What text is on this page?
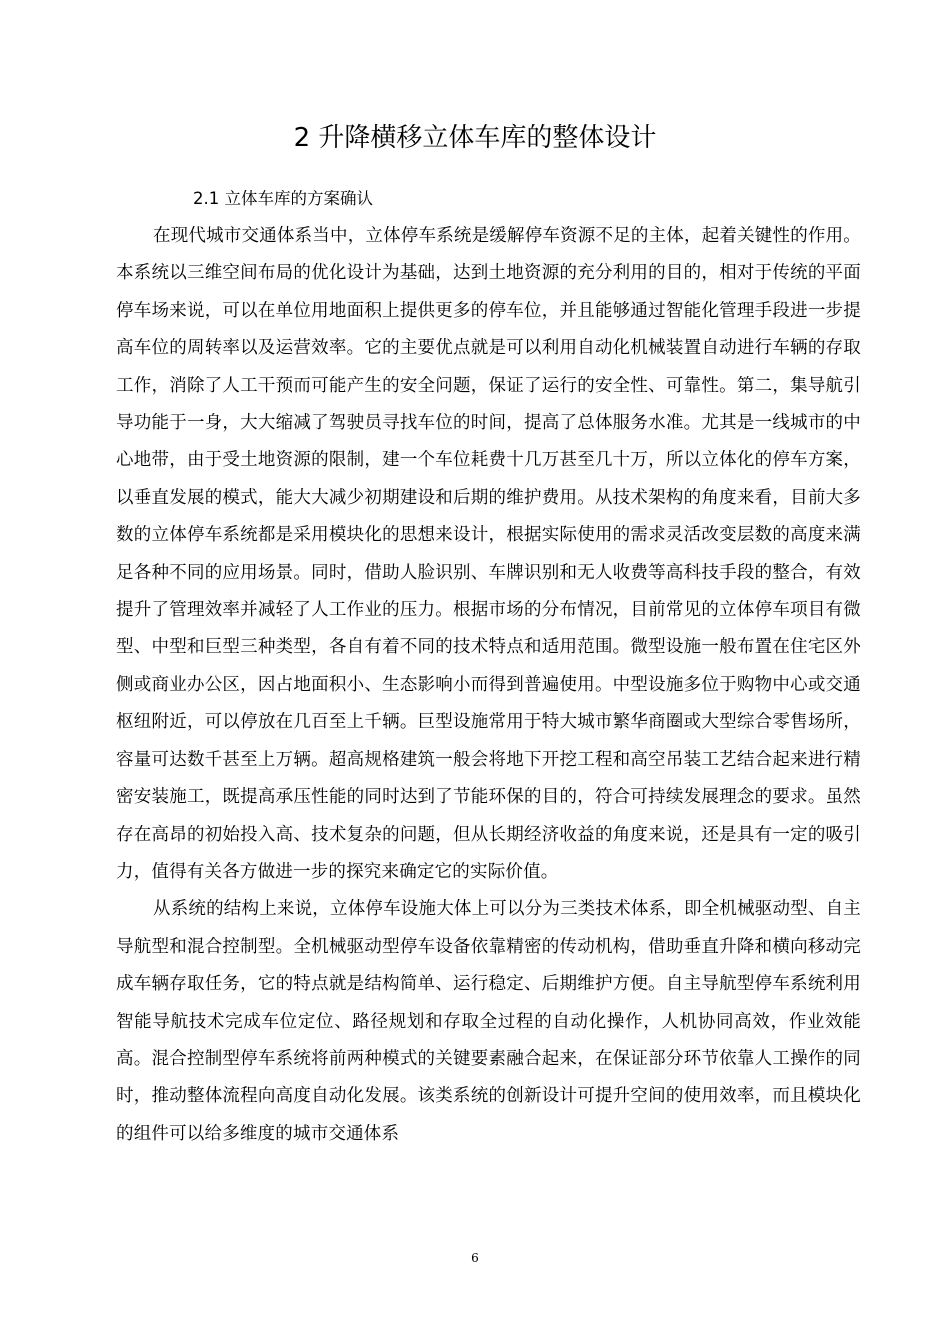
2 升降横移立体车库的整体设计
2.1 立体车库的方案确认

在现代城市交通体系当中，立体停车系统是缓解停车资源不足的主体，起着关键性的作用。本系统以三维空间布局的优化设计为基础，达到土地资源的充分利用的目的，相对于传统的平面停车场来说，可以在单位用地面积上提供更多的停车位，并且能够通过智能化管理手段进一步提高车位的周转率以及运营效率。它的主要优点就是可以利用自动化机械装置自动进行车辆的存取工作，消除了人工干预而可能产生的安全问题，保证了运行的安全性、可靠性。第二，集导航引导功能于一身，大大缩减了驾驶员寻找车位的时间，提高了总体服务水准。尤其是一线城市的中心地带，由于受土地资源的限制，建一个车位耗费十几万甚至几十万，所以立体化的停车方案，以垂直发展的模式，能大大减少初期建设和后期的维护费用。从技术架构的角度来看，目前大多数的立体停车系统都是采用模块化的思想来设计，根据实际使用的需求灵活改变层数的高度来满足各种不同的应用场景。同时，借助人脸识别、车牌识别和无人收费等高科技手段的整合，有效提升了管理效率并减轻了人工作业的压力。根据市场的分布情况，目前常见的立体停车项目有微型、中型和巨型三种类型，各自有着不同的技术特点和适用范围。微型设施一般布置在住宅区外侧或商业办公区，因占地面积小、生态影响小而得到普遍使用。中型设施多位于购物中心或交通枢纽附近，可以停放在几百至上千辆。巨型设施常用于特大城市繁华商圈或大型综合零售场所，容量可达数千甚至上万辆。超高规格建筑一般会将地下开挖工程和高空吊装工艺结合起来进行精密安装施工，既提高承压性能的同时达到了节能环保的目的，符合可持续发展理念的要求。虽然存在高昂的初始投入高、技术复杂的问题，但从长期经济收益的角度来说，还是具有一定的吸引力，值得有关各方做进一步的探究来确定它的实际价值。

从系统的结构上来说，立体停车设施大体上可以分为三类技术体系，即全机械驱动型、自主导航型和混合控制型。全机械驱动型停车设备依靠精密的传动机构，借助垂直升降和横向移动完成车辆存取任务，它的特点就是结构简单、运行稳定、后期维护方便。自主导航型停车系统利用智能导航技术完成车位定位、路径规划和存取全过程的自动化操作，人机协同高效，作业效能高。混合控制型停车系统将前两种模式的关键要素融合起来，在保证部分环节依靠人工操作的同时，推动整体流程向高度自动化发展。该类系统的创新设计可提升空间的使用效率，而且模块化的组件可以给多维度的城市交通体系

6
